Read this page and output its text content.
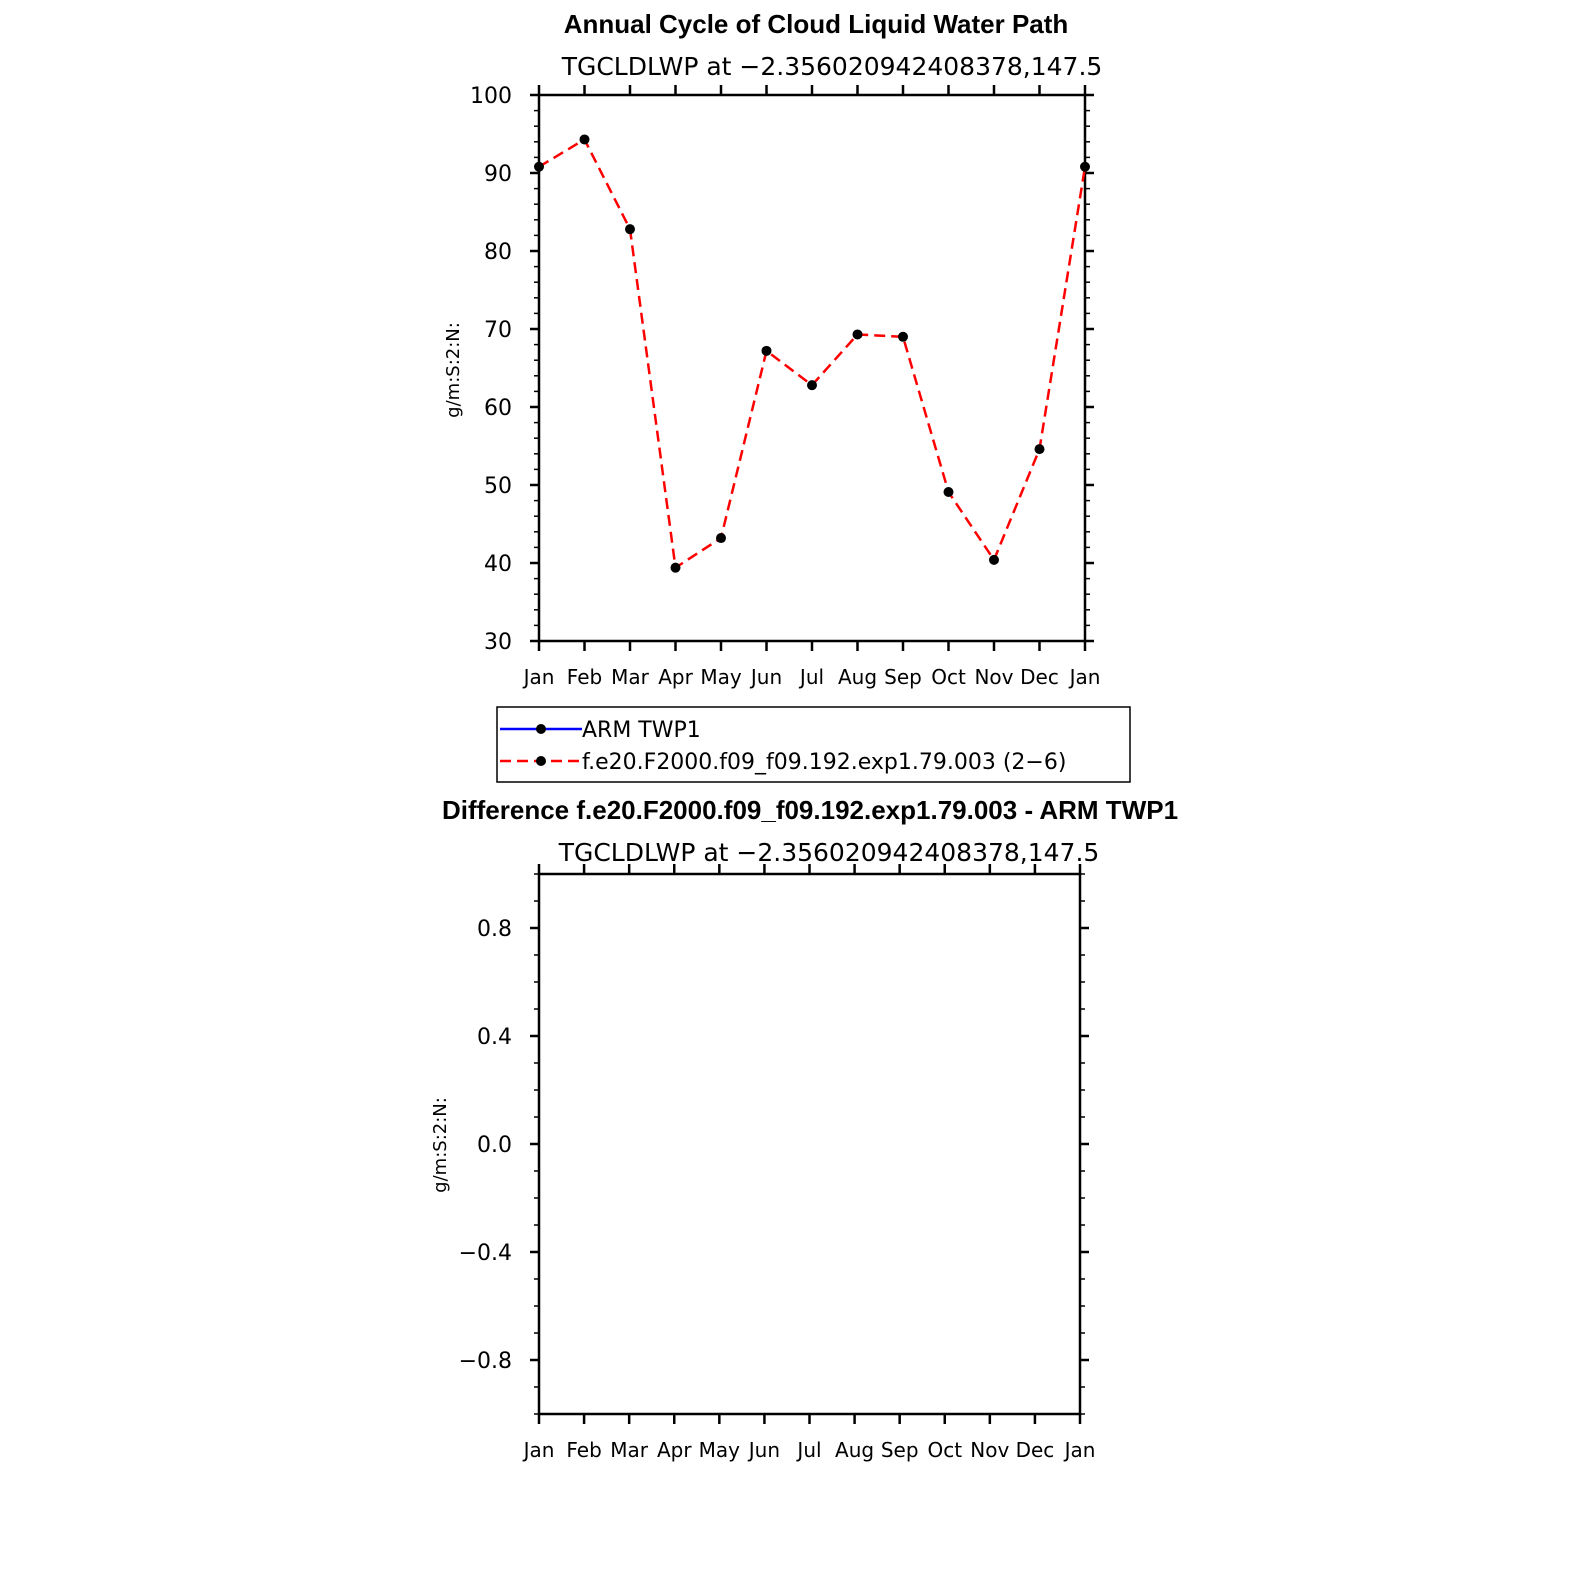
Annual Cycle of Cloud Liquid Water Path
TGCLDLWP at −2.356020942408378,147.5
g/m:S:2:N:
30
40
50
60
70
80
90
100
Jan Feb Mar Apr May Jun Jul Aug Sep Oct Nov Dec Jan
ARM TWP1
f.e20.F2000.f09_f09.192.exp1.79.003 (2−6)
Difference f.e20.F2000.f09_f09.192.exp1.79.003 - ARM TWP1
TGCLDLWP at −2.356020942408378,147.5
g/m:S:2:N:
−0.8
−0.4
0.0
0.4
0.8
Jan Feb Mar Apr May Jun Jul Aug Sep Oct Nov Dec Jan
